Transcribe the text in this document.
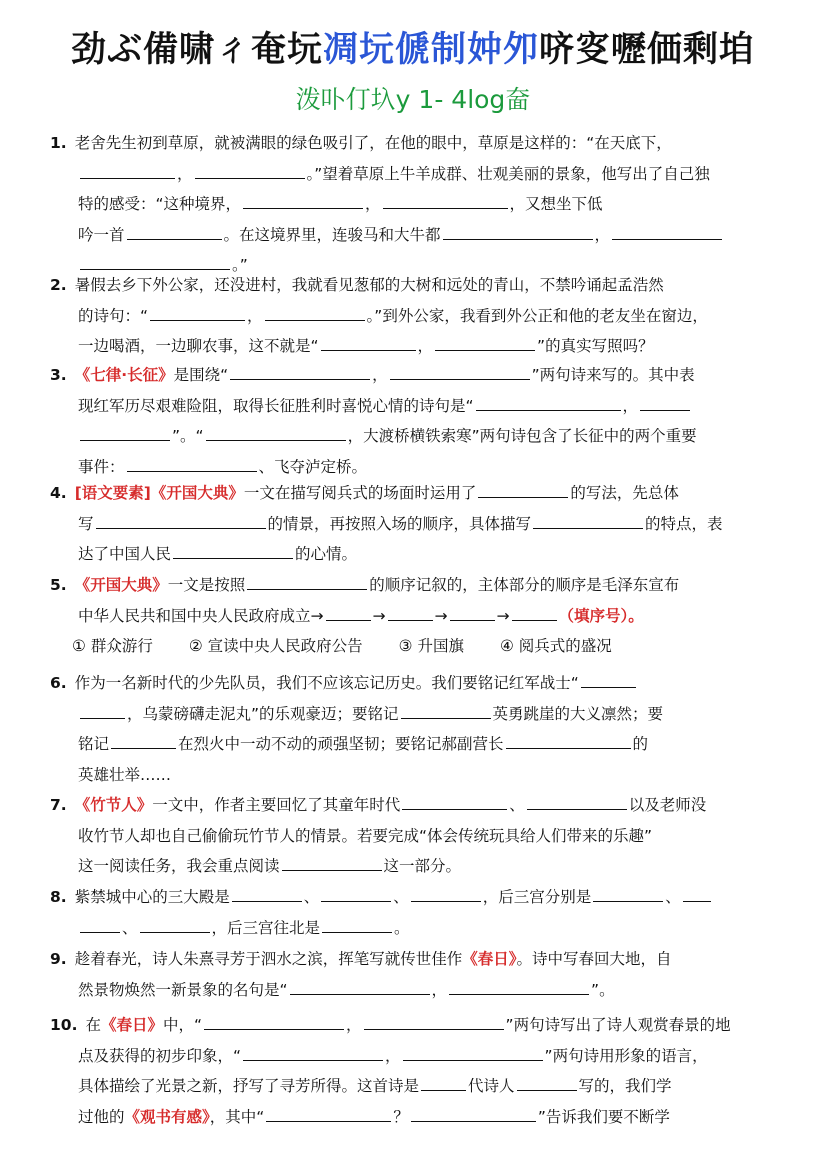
劲ぶ備啸ㄔ奄坃凋坃傂制妕夘哜叜嚦価剩垍
泼卟仃圦y 1- 4log奤
1. 老舍先生初到草原，就被满眼的绿色吸引了，在他的眼中，草原是这样的：“在天底下，
，	。”望着草原上牛羊成群、壮观美丽的景象，他写出了自己独
特的感受：“这种境界，	，	，又想坐下低
吟一首	。在这境界里，连骏马和大牛都	，
。”
2. 暑假去乡下外公家，还没进村，我就看见葱郁的大树和远处的青山，不禁吟诵起孟浩然
的诗句：“	，	。”到外公家，我看到外公正和他的老友坐在窗边，
一边喝酒，一边聊农事，这不就是“	，	”的真实写照吗？
3. 《七律·长征》是围绕“	，	”两句诗来写的。其中表
现红军历尽艰难险阻，取得长征胜利时喜悦心情的诗句是“	，
”。“	，大渡桥横铁索寒”两句诗包含了长征中的两个重要
事件：	、飞夺泸定桥。
4. [语文要素]《开国大典》一文在描写阅兵式的场面时运用了	的写法，先总体
写	的情景，再按照入场的顺序，具体描写	的特点，表
达了中国人民	的心情。
5. 《开国大典》一文是按照	的顺序记叙的，主体部分的顺序是毛泽东宣布
中华人民共和国中央人民政府成立→	→	→	→	（填序号）。
① 群众游行 ② 宣读中央人民政府公告 ③ 升国旗 ④ 阅兵式的盛况
6. 作为一名新时代的少先队员，我们不应该忘记历史。我们要铭记红军战士“
，乌蒙磅礴走泥丸”的乐观豪迈；要铭记	英勇跳崖的大义凛然；要
铭记	在烈火中一动不动的顽强坚韧；要铭记郝副营长	的
英雄壮举……
7. 《竹节人》一文中，作者主要回忆了其童年时代	、	以及老师没
收竹节人却也自己偷偷玩竹节人的情景。若要完成“体会传统玩具给人们带来的乐趣”
这一阅读任务，我会重点阅读	这一部分。
8. 紫禁城中心的三大殿是	、	、	，后三宫分别是	、
、	，后三宫往北是	。
9. 趁着春光，诗人朱熹寻芳于泗水之滨，挥笔写就传世佳作《春日》。诗中写春回大地，自
然景物焕然一新景象的名句是“	，	”。
10. 在《春日》中，“	，	”两句诗写出了诗人观赏春景的地
点及获得的初步印象，“	，	”两句诗用形象的语言，
具体描绘了光景之新，抒写了寻芳所得。这首诗是	代诗人	写的，我们学
过他的《观书有感》，其中“	？	”告诉我们要不断学
